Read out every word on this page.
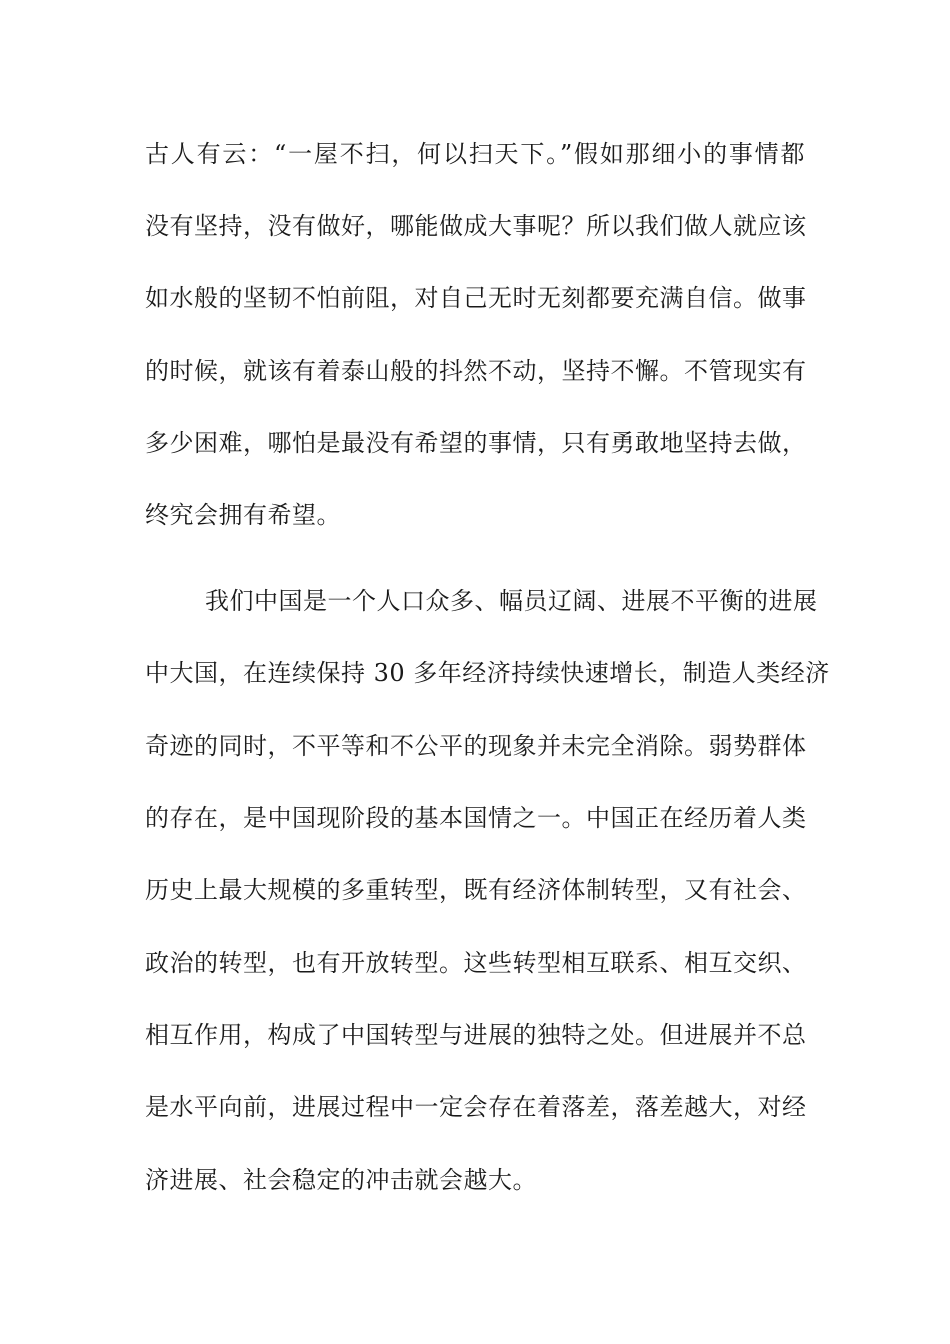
古人有云：“一屋不扫，何以扫天下。”假如那细小的事情都
没有坚持，没有做好，哪能做成大事呢？所以我们做人就应该
如水般的坚韧不怕前阻，对自己无时无刻都要充满自信。做事
的时候，就该有着泰山般的抖然不动，坚持不懈。不管现实有
多少困难，哪怕是最没有希望的事情，只有勇敢地坚持去做，
终究会拥有希望。
我们中国是一个人口众多、幅员辽阔、进展不平衡的进展
中大国，在连续保持 30 多年经济持续快速增长，制造人类经济
奇迹的同时，不平等和不公平的现象并未完全消除。弱势群体
的存在，是中国现阶段的基本国情之一。中国正在经历着人类
历史上最大规模的多重转型，既有经济体制转型，又有社会、
政治的转型，也有开放转型。这些转型相互联系、相互交织、
相互作用，构成了中国转型与进展的独特之处。但进展并不总
是水平向前，进展过程中一定会存在着落差，落差越大，对经
济进展、社会稳定的冲击就会越大。
